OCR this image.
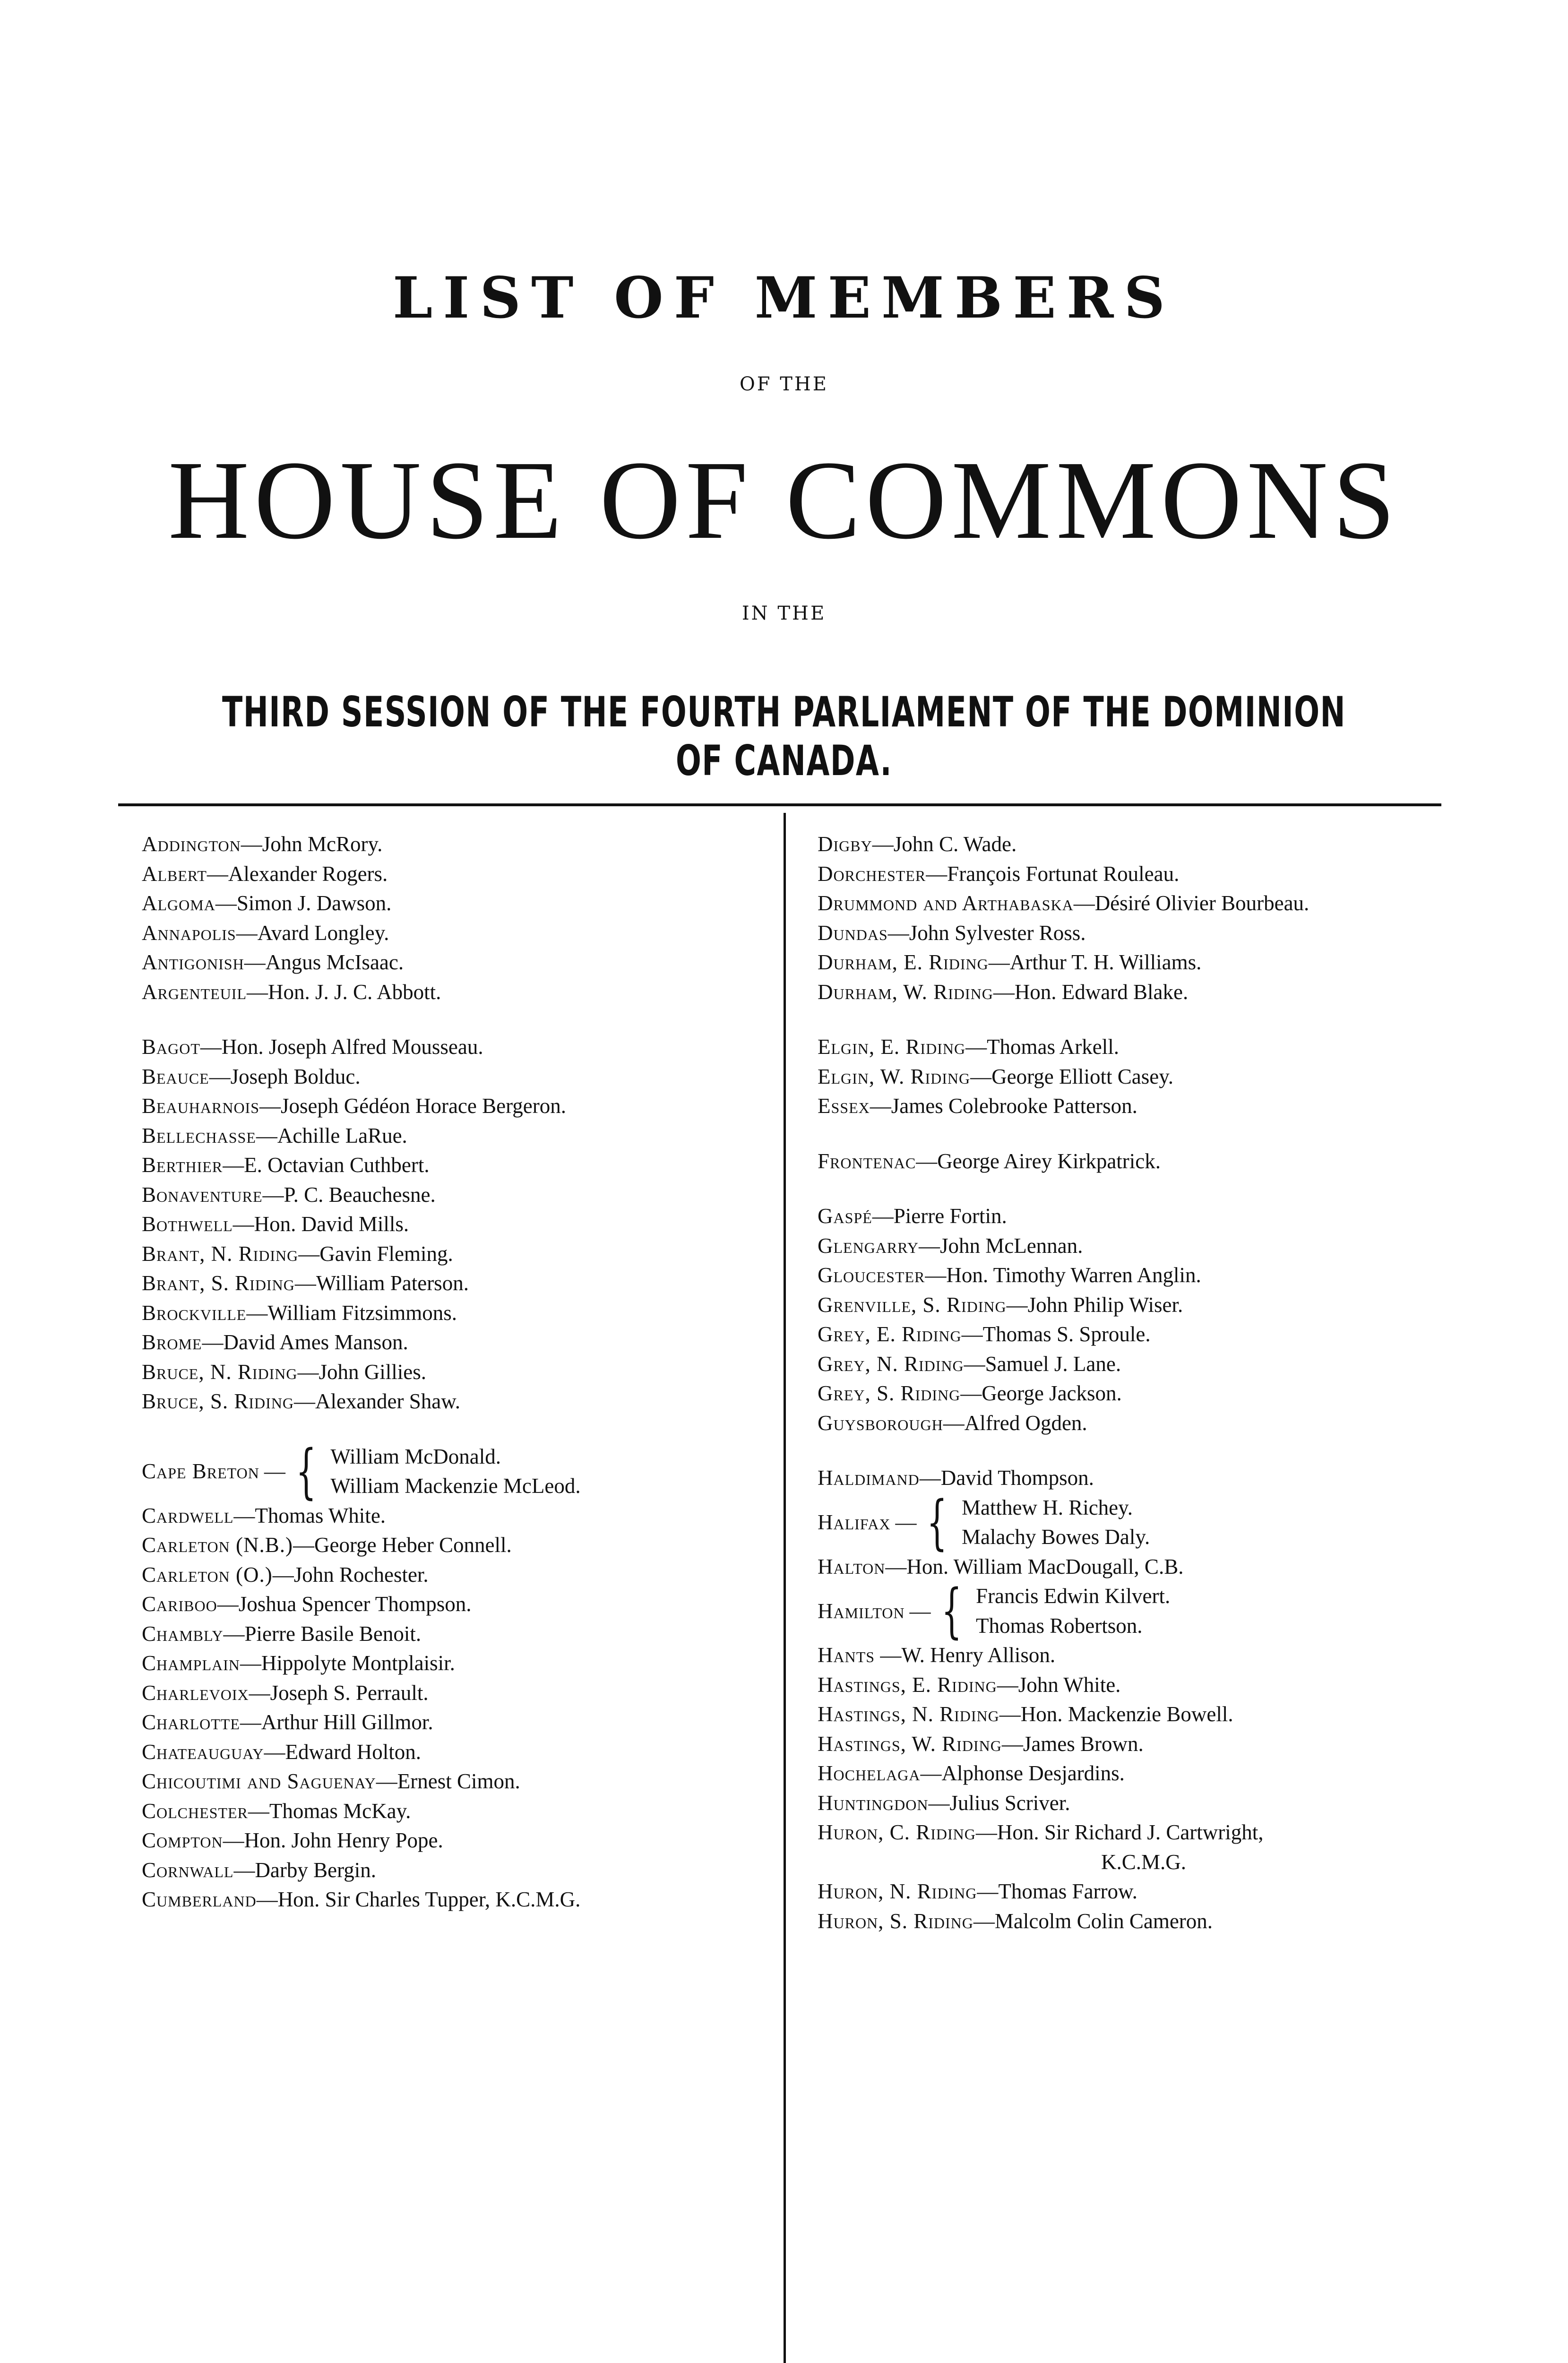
LIST OF MEMBERS
OF THE
HOUSE OF COMMONS
IN THE
THIRD SESSION OF THE FOURTH PARLIAMENT OF THE DOMINION OF CANADA.
Addington—John McRory.
Albert—Alexander Rogers.
Algoma—Simon J. Dawson.
Annapolis—Avard Longley.
Antigonish—Angus McIsaac.
Argenteuil—Hon. J. J. C. Abbott.
Bagot—Hon. Joseph Alfred Mousseau.
Beauce—Joseph Bolduc.
Beauharnois—Joseph Gédéon Horace Bergeron.
Bellechasse—Achille LaRue.
Berthier—E. Octavian Cuthbert.
Bonaventure—P. C. Beauchesne.
Bothwell—Hon. David Mills.
Brant, N. Riding—Gavin Fleming.
Brant, S. Riding—William Paterson.
Brockville—William Fitzsimmons.
Brome—David Ames Manson.
Bruce, N. Riding—John Gillies.
Bruce, S. Riding—Alexander Shaw.
Cape Breton — { William McDonald.
William Mackenzie McLeod.
Cardwell—Thomas White.
Carleton (N.B.)—George Heber Connell.
Carleton (O.)—John Rochester.
Cariboo—Joshua Spencer Thompson.
Chambly—Pierre Basile Benoit.
Champlain—Hippolyte Montplaisir.
Charlevoix—Joseph S. Perrault.
Charlotte—Arthur Hill Gillmor.
Chateauguay—Edward Holton.
Chicoutimi and Saguenay—Ernest Cimon.
Colchester—Thomas McKay.
Compton—Hon. John Henry Pope.
Cornwall—Darby Bergin.
Cumberland—Hon. Sir Charles Tupper, K.C.M.G.
Digby—John C. Wade.
Dorchester—François Fortunat Rouleau.
Drummond and Arthabaska—Désiré Olivier Bourbeau.
Dundas—John Sylvester Ross.
Durham, E. Riding—Arthur T. H. Williams.
Durham, W. Riding—Hon. Edward Blake.
Elgin, E. Riding—Thomas Arkell.
Elgin, W. Riding—George Elliott Casey.
Essex—James Colebrooke Patterson.
Frontenac—George Airey Kirkpatrick.
Gaspé—Pierre Fortin.
Glengarry—John McLennan.
Gloucester—Hon. Timothy Warren Anglin.
Grenville, S. Riding—John Philip Wiser.
Grey, E. Riding—Thomas S. Sproule.
Grey, N. Riding—Samuel J. Lane.
Grey, S. Riding—George Jackson.
Guysborough—Alfred Ogden.
Haldimand—David Thompson.
Halifax — { Matthew H. Richey.
Malachy Bowes Daly.
Halton—Hon. William MacDougall, C.B.
Hamilton — { Francis Edwin Kilvert.
Thomas Robertson.
Hants —W. Henry Allison.
Hastings, E. Riding—John White.
Hastings, N. Riding—Hon. Mackenzie Bowell.
Hastings, W. Riding—James Brown.
Hochelaga—Alphonse Desjardins.
Huntingdon—Julius Scriver.
Huron, C. Riding—Hon. Sir Richard J. Cartwright,
K.C.M.G.
Huron, N. Riding—Thomas Farrow.
Huron, S. Riding—Malcolm Colin Cameron.
